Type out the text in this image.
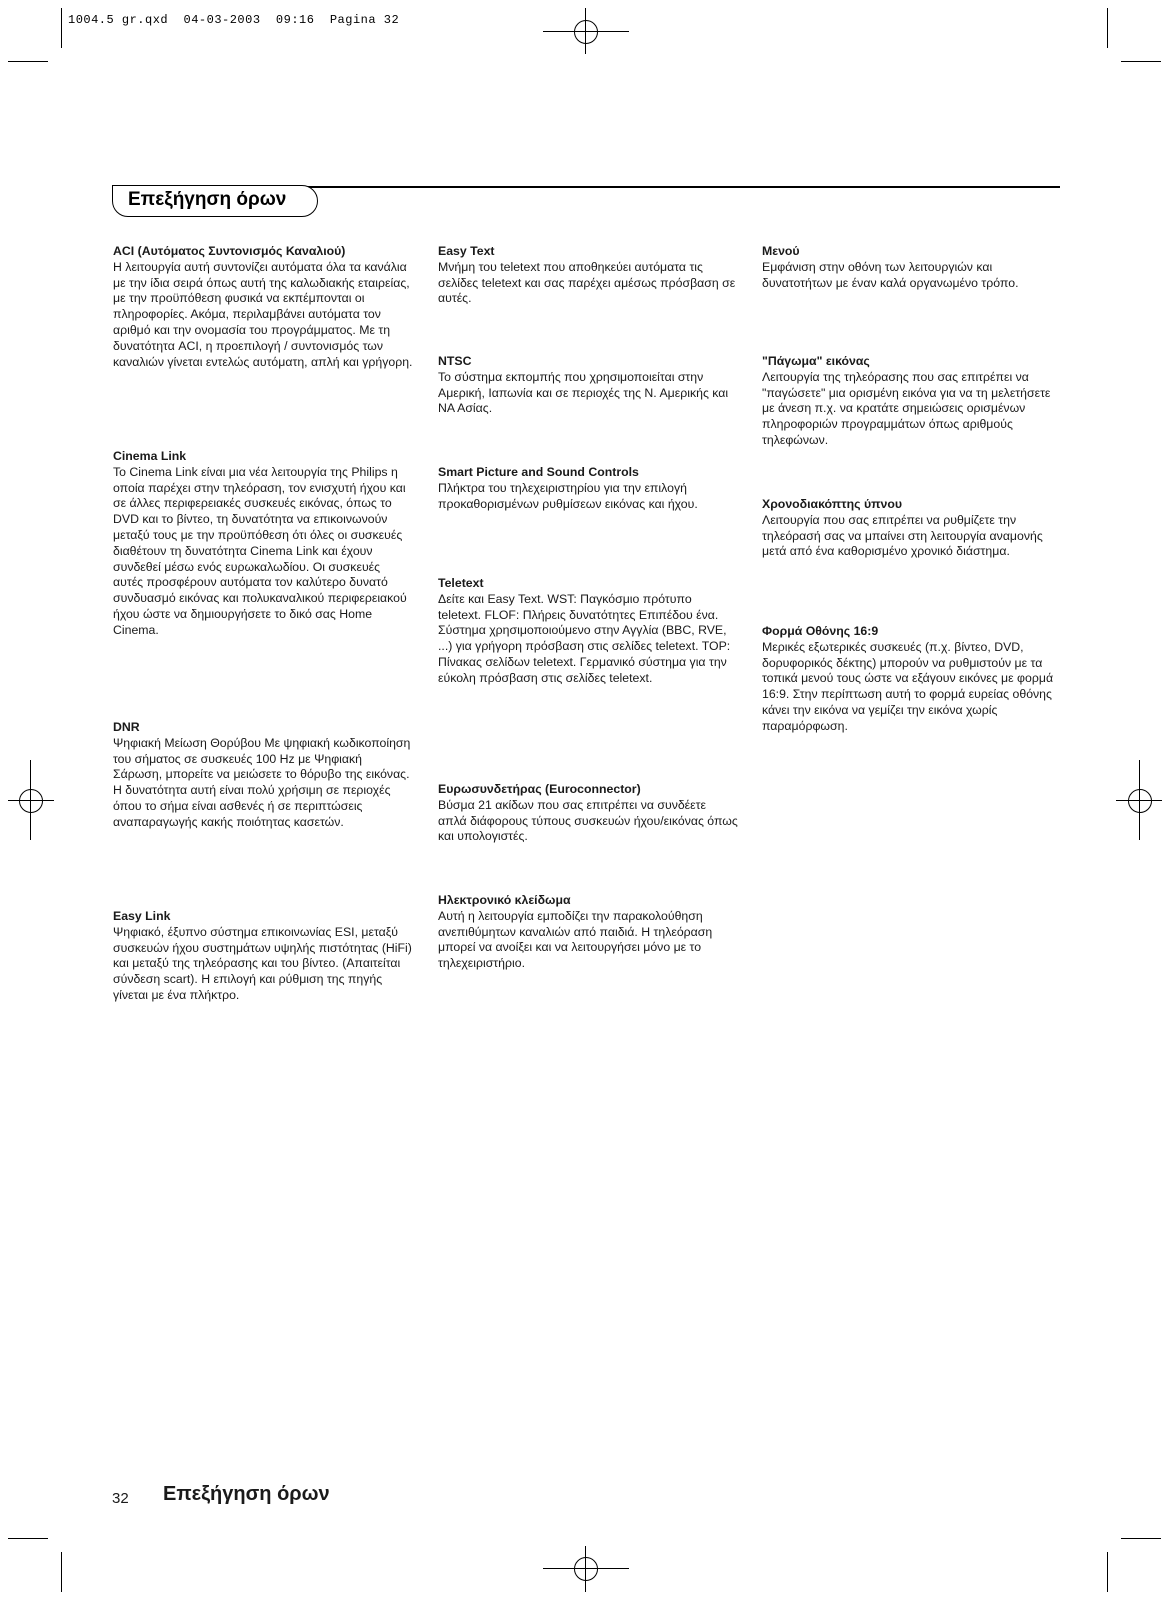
1004.5 gr.qxd  04-03-2003  09:16  Pagina 32
Επεξήγηση όρων
ACI (Αυτόματος Συντονισμός Καναλιού)

Η λειτουργία αυτή συντονίζει αυτόματα όλα τα κανάλια με την ίδια σειρά όπως αυτή της καλωδιακής εταιρείας, με την προϋπόθεση φυσικά να εκπέμπονται οι πληροφορίες. Ακόμα, περιλαμβάνει αυτόματα τον αριθμό και την ονομασία του προγράμματος. Με τη δυνατότητα ACI, η προεπιλογή / συντονισμός των καναλιών γίνεται εντελώς αυτόματη, απλή και γρήγορη.

Cinema Link

Το Cinema Link είναι μια νέα λειτουργία της Philips η οποία παρέχει στην τηλεόραση, τον ενισχυτή ήχου και σε άλλες περιφερειακές συσκευές εικόνας, όπως το DVD και το βίντεο, τη δυνατότητα να επικοινωνούν μεταξύ τους με την προϋπόθεση ότι όλες οι συσκευές διαθέτουν τη δυνατότητα Cinema Link και έχουν συνδεθεί μέσω ενός ευρωκαλωδίου. Οι συσκευές αυτές προσφέρουν αυτόματα τον καλύτερο δυνατό συνδυασμό εικόνας και πολυκαναλικού περιφερειακού ήχου ώστε να δημιουργήσετε το δικό σας Home Cinema.

DNR

Ψηφιακή Μείωση Θορύβου Με ψηφιακή κωδικοποίηση του σήματος σε συσκευές 100 Hz με Ψηφιακή Σάρωση, μπορείτε να μειώσετε το θόρυβο της εικόνας. Η δυνατότητα αυτή είναι πολύ χρήσιμη σε περιοχές όπου το σήμα είναι ασθενές ή σε περιπτώσεις αναπαραγωγής κακής ποιότητας κασετών.

Easy Link

Ψηφιακό, έξυπνο σύστημα επικοινωνίας ESI, μεταξύ συσκευών ήχου συστημάτων υψηλής πιστότητας (HiFi) και μεταξύ της τηλεόρασης και του βίντεο. (Απαιτείται σύνδεση scart). Η επιλογή και ρύθμιση της πηγής γίνεται με ένα πλήκτρο.

Easy Text

Μνήμη του teletext που αποθηκεύει αυτόματα τις σελίδες teletext και σας παρέχει αμέσως πρόσβαση σε αυτές.

NTSC

Το σύστημα εκπομπής που χρησιμοποιείται στην Αμερική, Ιαπωνία και σε περιοχές της Ν. Αμερικής και ΝΑ Ασίας.

Smart Picture and Sound Controls

Πλήκτρα του τηλεχειριστηρίου για την επιλογή προκαθορισμένων ρυθμίσεων εικόνας και ήχου.

Teletext

Δείτε και Easy Text. WST: Παγκόσμιο πρότυπο teletext. FLOF: Πλήρεις δυνατότητες Επιπέδου ένα. Σύστημα χρησιμοποιούμενο στην Αγγλία (BBC, RVE, ...) για γρήγορη πρόσβαση στις σελίδες teletext. TOP: Πίνακας σελίδων teletext. Γερμανικό σύστημα για την εύκολη πρόσβαση στις σελίδες teletext.

Ευρωσυνδετήρας (Euroconnector)

Βύσμα 21 ακίδων που σας επιτρέπει να συνδέετε απλά διάφορους τύπους συσκευών ήχου/εικόνας όπως και υπολογιστές.

Ηλεκτρονικό κλείδωμα

Αυτή η λειτουργία εμποδίζει την παρακολούθηση ανεπιθύμητων καναλιών από παιδιά. Η τηλεόραση μπορεί να ανοίξει και να λειτουργήσει μόνο με το τηλεχειριστήριο.

Μενού

Εμφάνιση στην οθόνη των λειτουργιών και δυνατοτήτων με έναν καλά οργανωμένο τρόπο.

"Πάγωμα" εικόνας

Λειτουργία της τηλεόρασης που σας επιτρέπει να "παγώσετε" μια ορισμένη εικόνα για να τη μελετήσετε με άνεση π.χ. να κρατάτε σημειώσεις ορισμένων πληροφοριών προγραμμάτων όπως αριθμούς τηλεφώνων.

Χρονοδιακόπτης ύπνου

Λειτουργία που σας επιτρέπει να ρυθμίζετε την τηλεόρασή σας να μπαίνει στη λειτουργία αναμονής μετά από ένα καθορισμένο χρονικό διάστημα.

Φορμά Οθόνης 16:9

Μερικές εξωτερικές συσκευές (π.χ. βίντεο, DVD, δορυφορικός δέκτης) μπορούν να ρυθμιστούν με τα τοπικά μενού τους ώστε να εξάγουν εικόνες με φορμά 16:9. Στην περίπτωση αυτή το φορμά ευρείας οθόνης κάνει την εικόνα να γεμίζει την εικόνα χωρίς παραμόρφωση.

32 Επεξήγηση όρων
